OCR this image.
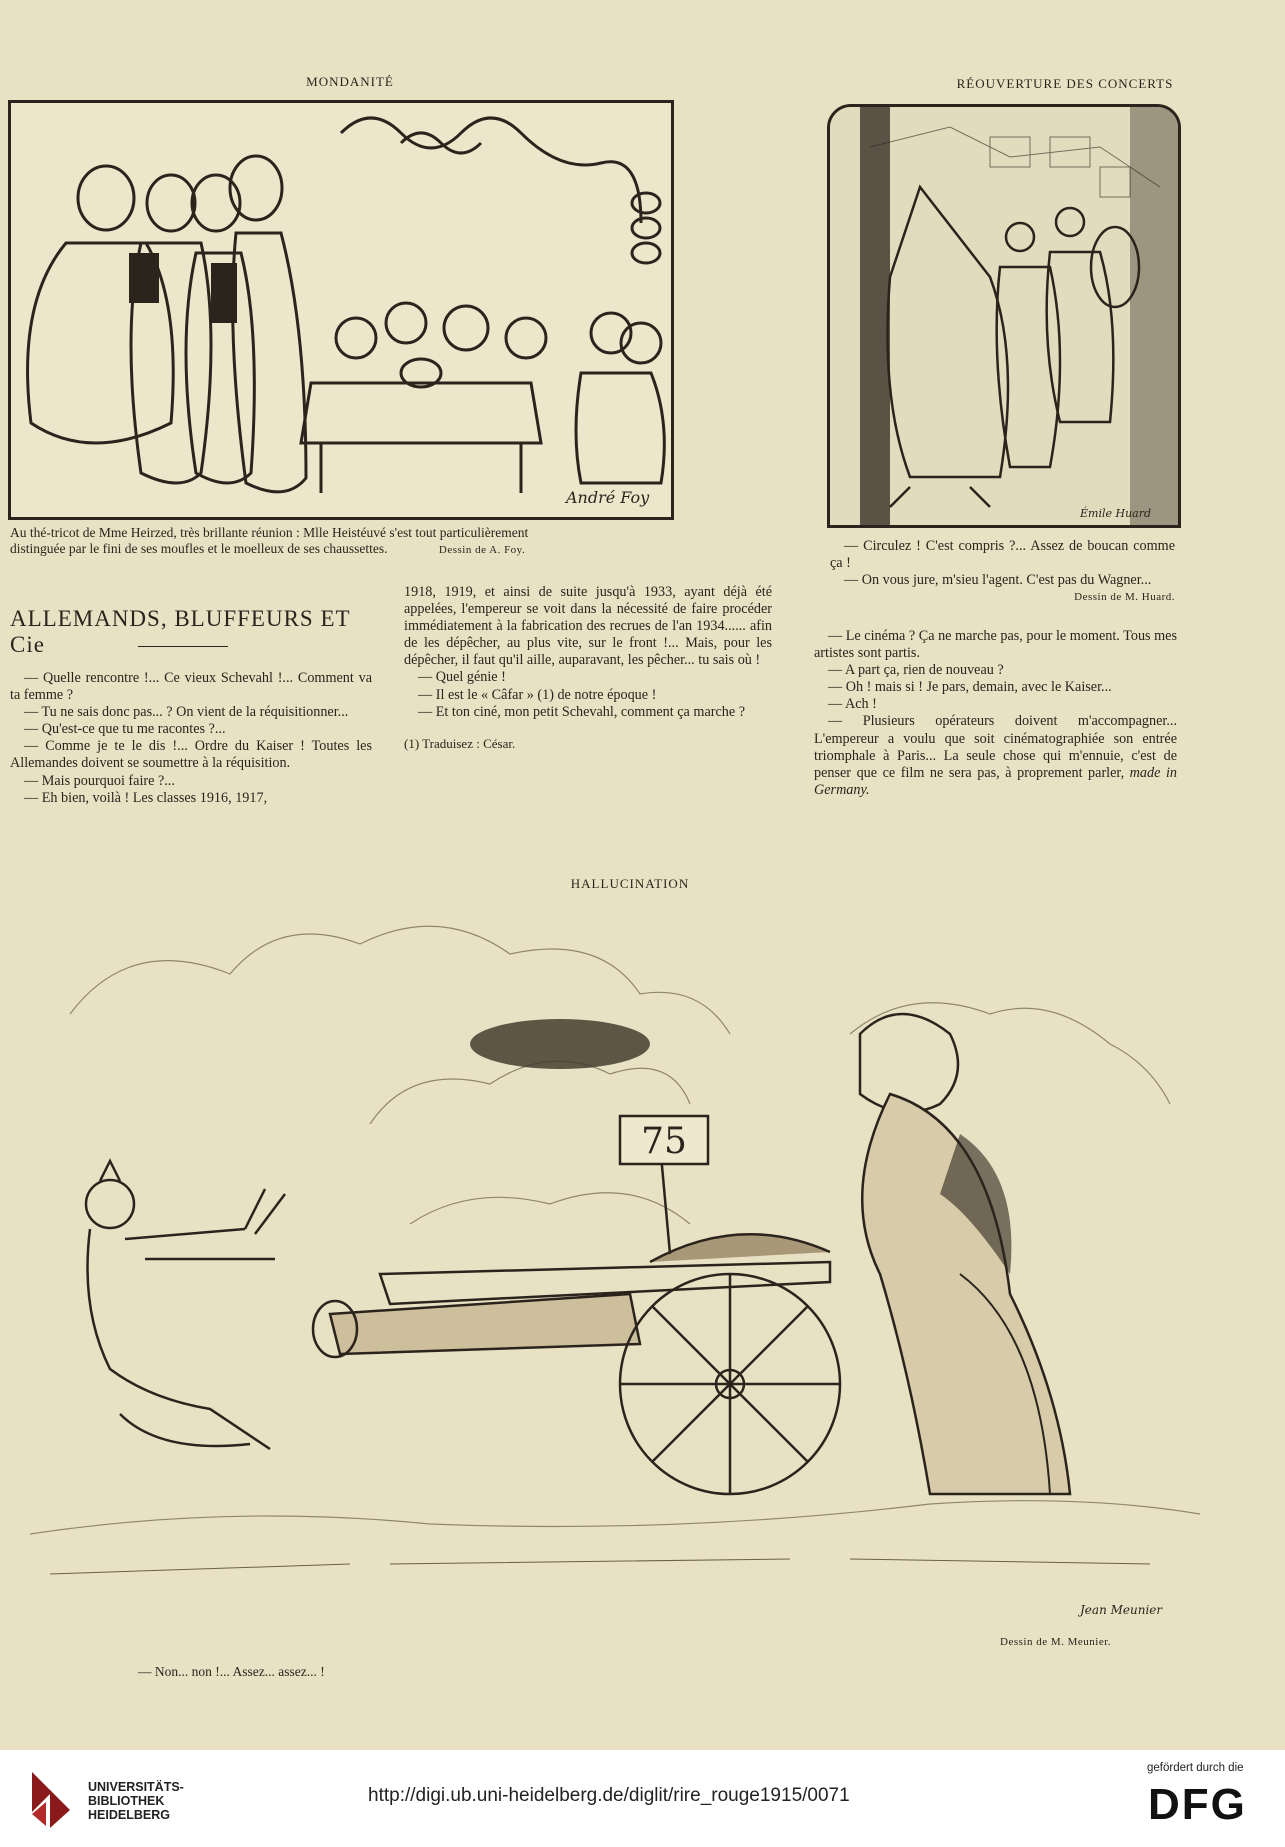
MONDANITÉ
André Foy
Au thé-tricot de Mme Heirzed, très brillante réunion : Mlle Heistéuvé s'est tout particulièrement
distinguée par le fini de ses moufles et le moelleux de ses chaussettes.	Dessin de A. Foy.
RÉOUVERTURE DES CONCERTS
Émile Huard

— Circulez ! C'est compris ?... Assez de boucan comme ça !

— On vous jure, m'sieu l'agent. C'est pas du Wagner...

Dessin de M. Huard.
ALLEMANDS, BLUFFEURS ET Cie

— Quelle rencontre !... Ce vieux Schevahl !... Comment va ta femme ?

— Tu ne sais donc pas... ? On vient de la réquisitionner...

— Qu'est-ce que tu me racontes ?...

— Comme je te le dis !... Ordre du Kaiser ! Toutes les Allemandes doivent se soumettre à la réquisition.

— Mais pourquoi faire ?...

— Eh bien, voilà ! Les classes 1916, 1917,

1918, 1919, et ainsi de suite jusqu'à 1933, ayant déjà été appelées, l'empereur se voit dans la nécessité de faire procéder immédiatement à la fabrication des recrues de l'an 1934...... afin de les dépêcher, au plus vite, sur le front !... Mais, pour les dépêcher, il faut qu'il aille, auparavant, les pêcher... tu sais où !

— Quel génie !

— Il est le « Câfar » (1) de notre époque !

— Et ton ciné, mon petit Schevahl, comment ça marche ?

(1) Traduisez : César.

— Le cinéma ? Ça ne marche pas, pour le moment. Tous mes artistes sont partis.

— A part ça, rien de nouveau ?

— Oh ! mais si ! Je pars, demain, avec le Kaiser...

— Ach !

— Plusieurs opérateurs doivent m'accompagner... L'empereur a voulu que soit cinématographiée son entrée triomphale à Paris... La seule chose qui m'ennuie, c'est de penser que ce film ne sera pas, à proprement parler, made in Germany.

HALLUCINATION
75
Jean Meunier
— Non... non !... Assez... assez... !
Dessin de M. Meunier.
UNIVERSITÄTS-
BIBLIOTHEK
HEIDELBERG
http://digi.ub.uni-heidelberg.de/diglit/rire_rouge1915/0071
gefördert durch die
DFG
